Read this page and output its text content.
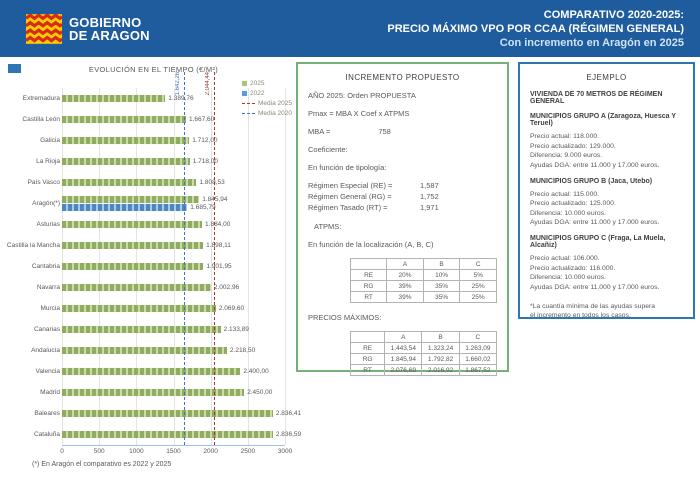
GOBIERNO
DE ARAGON
COMPARATIVO 2020-2025:
PRECIO MÁXIMO VPO POR CCAA (RÉGIMEN GENERAL)
Con incremento en Aragón en 2025
EVOLUCIÓN EN EL TIEMPO (€/M²)
2025
2022
Media 2025
Media 2020
Extremadura
Castilla León
Galicia
La Rioja
País Vasco
Aragón(*)
Asturias
Castilla la Mancha
Cantabria
Navarra
Murcia
Canarias
Andalucía
Valencia
Madrid
Baleares
Cataluña
1.389,76
1.667,60
1.712,00
1.718,00
1.808,53
1.845,94
1.685,79
1.884,00
1.898,11
1.901,95
2.002,96
2.069,60
2.133,89
2.218,50
2.400,00
2.450,00
2.836,41
2.836,59
1.642,26	2.044,44
0	500	1000	1500	2000	2500	3000
(*) En Aragón el comparativo es 2022 y 2025
INCREMENTO PROPUESTO

AÑO 2025: Orden PROPUESTA

Pmax = MBA X Coef x ATPMS

MBA =	758

Coeficiente:

En función de tipología:

Régimen Especial (RE) =	1,587
Régimen General (RG) =	1,752
Régimen Tasado (RT) =	1,971

ATPMS:

En función de la localización (A, B, C)

	A	B	C
RE	20%	10%	5%
RG	39%	35%	25%
RT	39%	35%	25%

PRECIOS MÁXIMOS:

	A	B	C
RE	1.443,54	1.323,24	1.263,09
RG	1.845,94	1.792,82	1.660,02
RT	2.076,69	2.016,92	1.867,52
EJEMPLO

VIVIENDA DE 70 METROS DE RÉGIMEN GENERAL

MUNICIPIOS GRUPO A (Zaragoza, Huesca Y Teruel)
Precio actual: 118.000.
Precio actualizado: 129.000.
Diferencia: 9.000 euros.
Ayudas DGA: entre 11.000 y 17.000 euros.
MUNICIPIOS GRUPO B (Jaca, Utebo)
Precio actual: 115.000.
Precio actualizado: 125.000.
Diferencia: 10.000 euros.
Ayudas DGA: entre 11.000 y 17.000 euros.
MUNICIPIOS GRUPO C (Fraga, La Muela, Alcañiz)
Precio actual: 106.000.
Precio actualizado: 116.000.
Diferencia: 10.000 euros.
Ayudas DGA: entre 11.000 y 17.000 euros.

*La cuantía mínima de las ayudas supera
el incremento en todos los casos.
